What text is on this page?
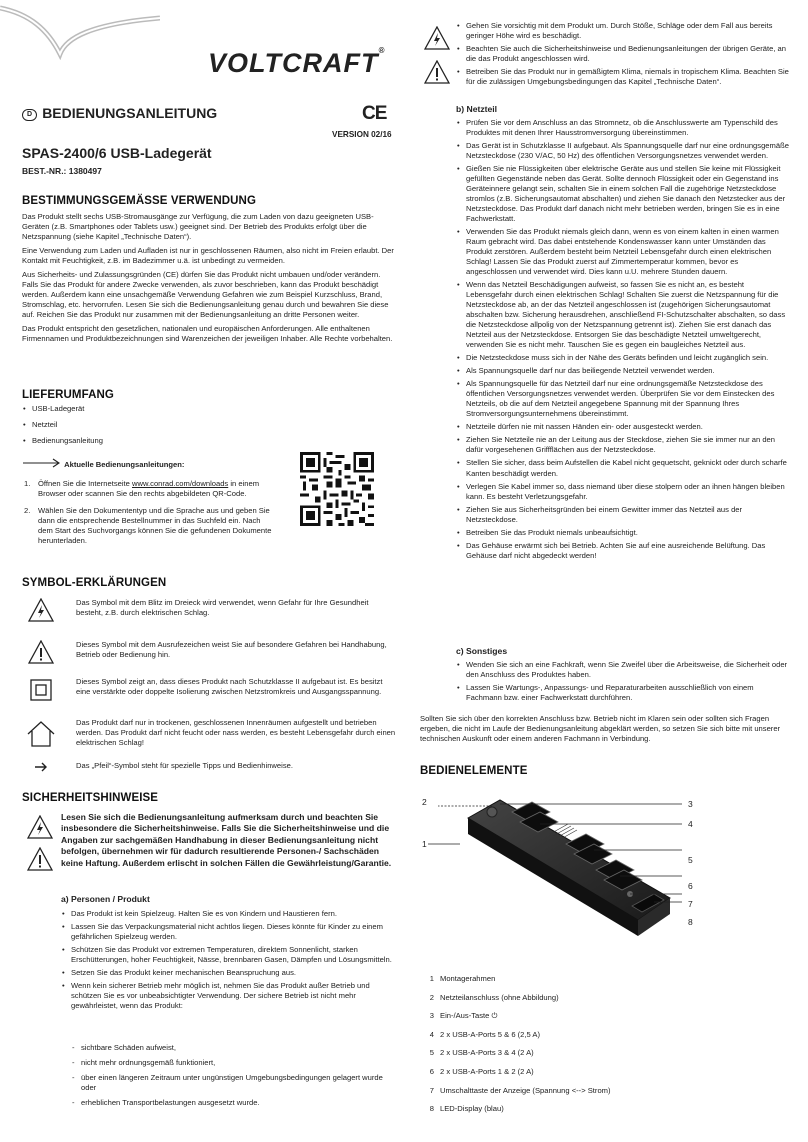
VOLTCRAFT®
D BEDIENUNGSANLEITUNG	CE
VERSION 02/16
SPAS-2400/6 USB-Ladegerät
BEST.-NR.: 1380497
BESTIMMUNGSGEMÄSSE VERWENDUNG

Das Produkt stellt sechs USB-Stromausgänge zur Verfügung, die zum Laden von dazu geeigneten USB-Geräten (z.B. Smartphones oder Tablets usw.) geeignet sind. Der Betrieb des Produkts erfolgt über die Netzspannung (siehe Kapitel „Technische Daten“).

Eine Verwendung zum Laden und Aufladen ist nur in geschlossenen Räumen, also nicht im Freien erlaubt. Der Kontakt mit Feuchtigkeit, z.B. im Badezimmer u.ä. ist unbedingt zu vermeiden.

Aus Sicherheits- und Zulassungsgründen (CE) dürfen Sie das Produkt nicht umbauen und/oder verändern. Falls Sie das Produkt für andere Zwecke verwenden, als zuvor beschrieben, kann das Produkt beschädigt werden. Außerdem kann eine unsachgemäße Verwendung Gefahren wie zum Beispiel Kurzschluss, Brand, Stromschlag, etc. hervorrufen. Lesen Sie sich die Bedienungsanleitung genau durch und bewahren Sie diese auf. Reichen Sie das Produkt nur zusammen mit der Bedienungsanleitung an dritte Personen weiter.

Das Produkt entspricht den gesetzlichen, nationalen und europäischen Anforderungen. Alle enthaltenen Firmennamen und Produktbezeichnungen sind Warenzeichen der jeweiligen Inhaber. Alle Rechte vorbehalten.

LIEFERUMFANG
• USB-Ladegerät
• Netzteil
• Bedienungsanleitung
Aktuelle Bedienungsanleitungen:
1. Öffnen Sie die Internetseite www.conrad.com/downloads in einem Browser oder scannen Sie den rechts abgebildeten QR-Code.
2. Wählen Sie den Dokumententyp und die Sprache aus und geben Sie dann die entsprechende Bestellnummer in das Suchfeld ein. Nach dem Start des Suchvorgangs können Sie die gefundenen Dokumente herunterladen.
SYMBOL-ERKLÄRUNGEN

Das Symbol mit dem Blitz im Dreieck wird verwendet, wenn Gefahr für Ihre Gesundheit besteht, z.B. durch elektrischen Schlag.

Dieses Symbol mit dem Ausrufezeichen weist Sie auf besondere Gefahren bei Handhabung, Betrieb oder Bedienung hin.

Dieses Symbol zeigt an, dass dieses Produkt nach Schutzklasse II aufgebaut ist. Es besitzt eine verstärkte oder doppelte Isolierung zwischen Netzstromkreis und Ausgangsspannung.

Das Produkt darf nur in trockenen, geschlossenen Innenräumen aufgestellt und betrieben werden. Das Produkt darf nicht feucht oder nass werden, es besteht Lebensgefahr durch einen elektrischen Schlag!

Das „Pfeil“-Symbol steht für spezielle Tipps und Bedienhinweise.

SICHERHEITSHINWEISE

Lesen Sie sich die Bedienungsanleitung aufmerksam durch und beachten Sie insbesondere die Sicherheitshinweise. Falls Sie die Sicherheitshinweise und die Angaben zur sachgemäßen Handhabung in dieser Bedienungsanleitung nicht befolgen, übernehmen wir für dadurch resultierende Personen-/ Sachschäden keine Haftung. Außerdem erlischt in solchen Fällen die Gewährleistung/Garantie.

a) Personen / Produkt
• Das Produkt ist kein Spielzeug. Halten Sie es von Kindern und Haustieren fern.
• Lassen Sie das Verpackungsmaterial nicht achtlos liegen. Dieses könnte für Kinder zu einem gefährlichen Spielzeug werden.
• Schützen Sie das Produkt vor extremen Temperaturen, direktem Sonnenlicht, starken Erschütterungen, hoher Feuchtigkeit, Nässe, brennbaren Gasen, Dämpfen und Lösungsmitteln.
• Setzen Sie das Produkt keiner mechanischen Beanspruchung aus.
• Wenn kein sicherer Betrieb mehr möglich ist, nehmen Sie das Produkt außer Betrieb und schützen Sie es vor unbeabsichtigter Verwendung. Der sichere Betrieb ist nicht mehr gewährleistet, wenn das Produkt:
- sichtbare Schäden aufweist,
- nicht mehr ordnungsgemäß funktioniert,
- über einen längeren Zeitraum unter ungünstigen Umgebungsbedingungen gelagert wurde oder
- erheblichen Transportbelastungen ausgesetzt wurde.
• Gehen Sie vorsichtig mit dem Produkt um. Durch Stöße, Schläge oder dem Fall aus bereits geringer Höhe wird es beschädigt.
• Beachten Sie auch die Sicherheitshinweise und Bedienungsanleitungen der übrigen Geräte, an die das Produkt angeschlossen wird.
• Betreiben Sie das Produkt nur in gemäßigtem Klima, niemals in tropischem Klima. Beachten Sie für die zulässigen Umgebungsbedingungen das Kapitel „Technische Daten“.
b) Netzteil
• Prüfen Sie vor dem Anschluss an das Stromnetz, ob die Anschlusswerte am Typenschild des Produktes mit denen Ihrer Hausstromversorgung übereinstimmen.
• Das Gerät ist in Schutzklasse II aufgebaut. Als Spannungsquelle darf nur eine ordnungsgemäße Netzsteckdose (230 V/AC, 50 Hz) des öffentlichen Versorgungsnetzes verwendet werden.
• Gießen Sie nie Flüssigkeiten über elektrische Geräte aus und stellen Sie keine mit Flüssigkeit gefüllten Gegenstände neben das Gerät. Sollte dennoch Flüssigkeit oder ein Gegenstand ins Geräteinnere gelangt sein, schalten Sie in einem solchen Fall die zugehörige Netzsteckdose stromlos (z.B. Sicherungsautomat abschalten) und ziehen Sie danach den Netzstecker aus der Netzsteckdose. Das Produkt darf danach nicht mehr betrieben werden, bringen Sie es in eine Fachwerkstatt.
• Verwenden Sie das Produkt niemals gleich dann, wenn es von einem kalten in einen warmen Raum gebracht wird. Das dabei entstehende Kondenswasser kann unter Umständen das Produkt zerstören. Außerdem besteht beim Netzteil Lebensgefahr durch einen elektrischen Schlag! Lassen Sie das Produkt zuerst auf Zimmertemperatur kommen, bevor es angeschlossen und verwendet wird. Dies kann u.U. mehrere Stunden dauern.
• Wenn das Netzteil Beschädigungen aufweist, so fassen Sie es nicht an, es besteht Lebensgefahr durch einen elektrischen Schlag! Schalten Sie zuerst die Netzspannung für die Netzsteckdose ab, an der das Netzteil angeschlossen ist (zugehörigen Sicherungsautomat abschalten bzw. Sicherung herausdrehen, anschließend FI-Schutzschalter abschalten, so dass die Netzsteckdose allpolig von der Netzspannung getrennt ist). Ziehen Sie erst danach das Netzteil aus der Netzsteckdose. Entsorgen Sie das beschädigte Netzteil umweltgerecht, verwenden Sie es nicht mehr. Tauschen Sie es gegen ein baugleiches Netzteil aus.
• Die Netzsteckdose muss sich in der Nähe des Geräts befinden und leicht zugänglich sein.
• Als Spannungsquelle darf nur das beiliegende Netzteil verwendet werden.
• Als Spannungsquelle für das Netzteil darf nur eine ordnungsgemäße Netzsteckdose des öffentlichen Versorgungsnetzes verwendet werden. Überprüfen Sie vor dem Einstecken des Netzteils, ob die auf dem Netzteil angegebene Spannung mit der Spannung Ihres Stromversorgungsunternehmens übereinstimmt.
• Netzteile dürfen nie mit nassen Händen ein- oder ausgesteckt werden.
• Ziehen Sie Netzteile nie an der Leitung aus der Steckdose, ziehen Sie sie immer nur an den dafür vorgesehenen Griffflächen aus der Netzsteckdose.
• Stellen Sie sicher, dass beim Aufstellen die Kabel nicht gequetscht, geknickt oder durch scharfe Kanten beschädigt werden.
• Verlegen Sie Kabel immer so, dass niemand über diese stolpern oder an ihnen hängen bleiben kann. Es besteht Verletzungsgefahr.
• Ziehen Sie aus Sicherheitsgründen bei einem Gewitter immer das Netzteil aus der Netzsteckdose.
• Betreiben Sie das Produkt niemals unbeaufsichtigt.
• Das Gehäuse erwärmt sich bei Betrieb. Achten Sie auf eine ausreichende Belüftung. Das Gehäuse darf nicht abgedeckt werden!
c) Sonstiges
• Wenden Sie sich an eine Fachkraft, wenn Sie Zweifel über die Arbeitsweise, die Sicherheit oder den Anschluss des Produktes haben.
• Lassen Sie Wartungs-, Anpassungs- und Reparaturarbeiten ausschließlich von einem Fachmann bzw. einer Fachwerkstatt durchführen.

Sollten Sie sich über den korrekten Anschluss bzw. Betrieb nicht im Klaren sein oder sollten sich Fragen ergeben, die nicht im Laufe der Bedienungsanleitung abgeklärt werden, so setzen Sie sich bitte mit unserer technischen Auskunft oder einem anderen Fachmann in Verbindung.

BEDIENELEMENTE
2	3
4
1
5
6
7
8
1 Montagerahmen
2 Netzteilanschluss (ohne Abbildung)
3 Ein-/Aus-Taste ⏻
4 2 x USB-A-Ports 5 & 6 (2,5 A)
5 2 x USB-A-Ports 3 & 4 (2 A)
6 2 x USB-A-Ports 1 & 2 (2 A)
7 Umschalttaste der Anzeige (Spannung <--> Strom)
8 LED-Display (blau)
